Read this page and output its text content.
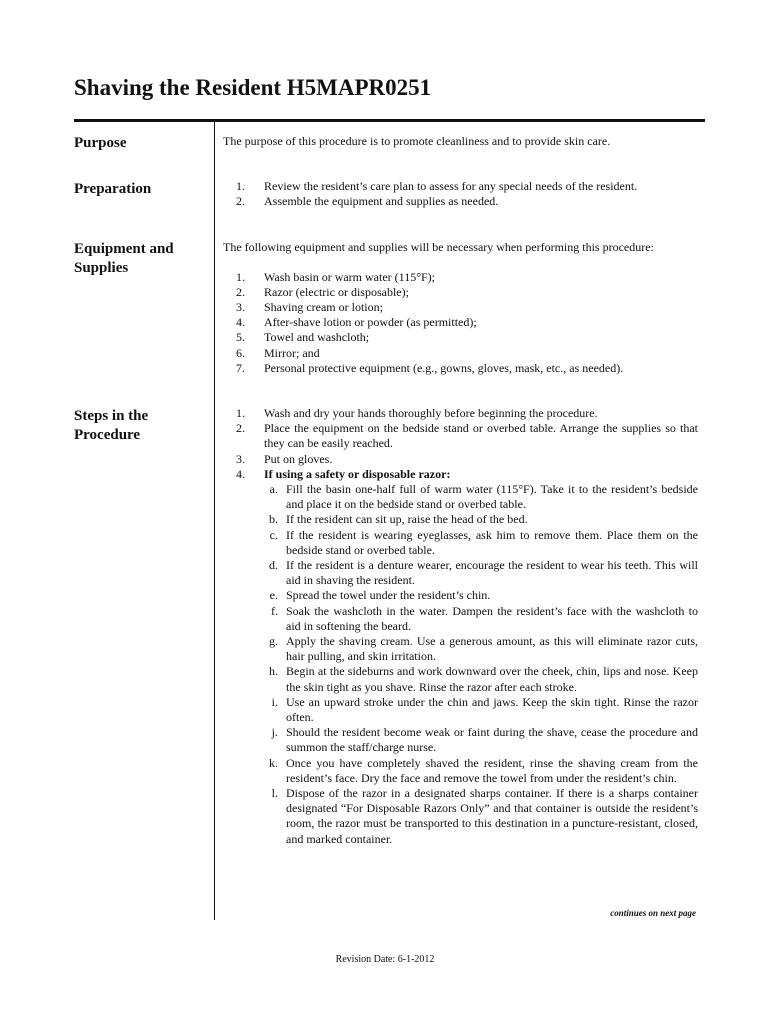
Shaving the Resident H5MAPR0251
Purpose	The purpose of this procedure is to promote cleanliness and to provide skin care.
Preparation	1. Review the resident’s care plan to assess for any special needs of the resident.
2. Assemble the equipment and supplies as needed.
Equipment and
Supplies
The following equipment and supplies will be necessary when performing this procedure:
1. Wash basin or warm water (115°F);
2. Razor (electric or disposable);
3. Shaving cream or lotion;
4. After-shave lotion or powder (as permitted);
5. Towel and washcloth;
6. Mirror; and
7. Personal protective equipment (e.g., gowns, gloves, mask, etc., as needed).
Steps in the
Procedure
1. Wash and dry your hands thoroughly before beginning the procedure.
2. Place the equipment on the bedside stand or overbed table. Arrange the supplies so that they can be easily reached.
3. Put on gloves.
4. If using a safety or disposable razor:
a. Fill the basin one-half full of warm water (115°F). Take it to the resident’s bedside and place it on the bedside stand or overbed table.
b. If the resident can sit up, raise the head of the bed.
c. If the resident is wearing eyeglasses, ask him to remove them. Place them on the bedside stand or overbed table.
d. If the resident is a denture wearer, encourage the resident to wear his teeth. This will aid in shaving the resident.
e. Spread the towel under the resident’s chin.
f. Soak the washcloth in the water. Dampen the resident’s face with the washcloth to aid in softening the beard.
g. Apply the shaving cream. Use a generous amount, as this will eliminate razor cuts, hair pulling, and skin irritation.
h. Begin at the sideburns and work downward over the cheek, chin, lips and nose. Keep the skin tight as you shave. Rinse the razor after each stroke.
i. Use an upward stroke under the chin and jaws. Keep the skin tight. Rinse the razor often.
j. Should the resident become weak or faint during the shave, cease the procedure and summon the staff/charge nurse.
k. Once you have completely shaved the resident, rinse the shaving cream from the resident’s face. Dry the face and remove the towel from under the resident’s chin.
l. Dispose of the razor in a designated sharps container. If there is a sharps container designated “For Disposable Razors Only” and that container is outside the resident’s room, the razor must be transported to this destination in a puncture-resistant, closed, and marked container.
continues on next page
Revision Date: 6-1-2012
